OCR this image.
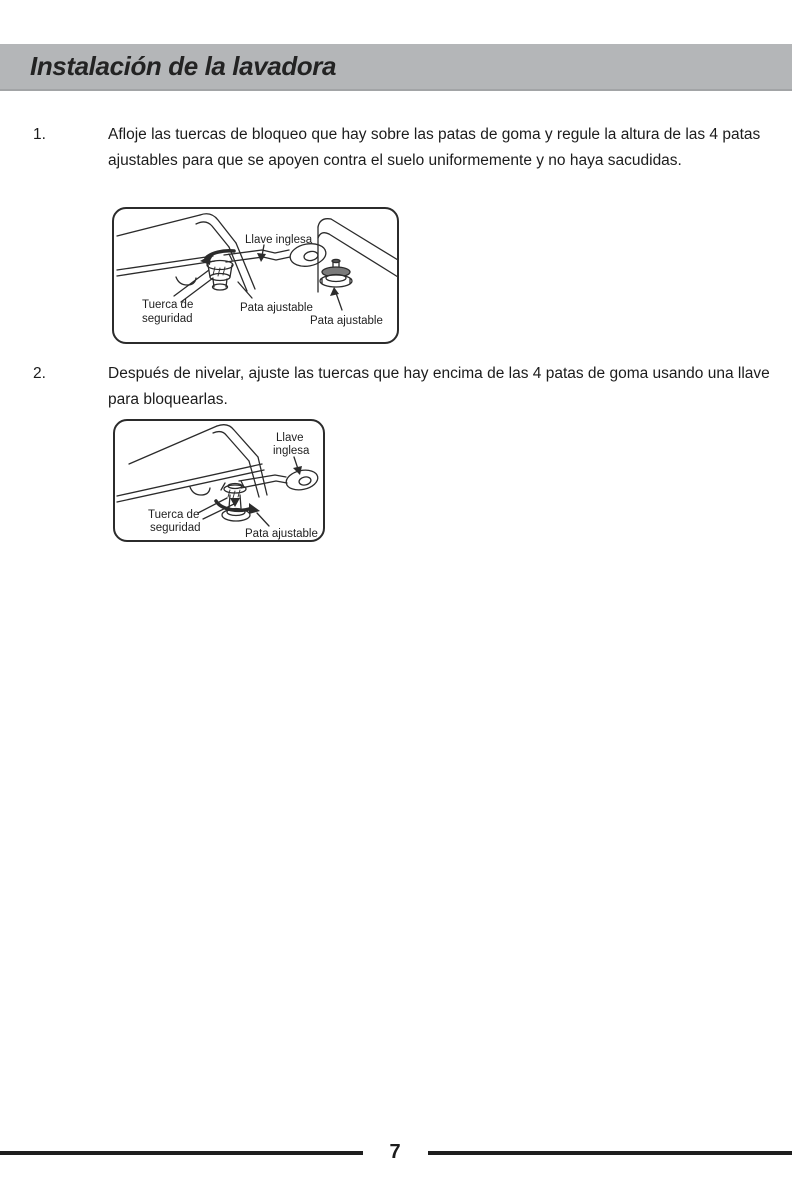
Instalación de la lavadora
1.	Afloje las tuercas de bloqueo que hay sobre las patas de goma y regule la altura de las 4 patas ajustables para que se apoyen contra el suelo uniformemente y no haya sacudidas.
Llave inglesa
Tuerca de
seguridad
Pata ajustable
Pata ajustable
2.	Después de nivelar, ajuste las tuercas que hay encima de las 4 patas de goma usando una llave para bloquearlas.
Llave
inglesa
Tuerca de
seguridad	Pata ajustable
7
